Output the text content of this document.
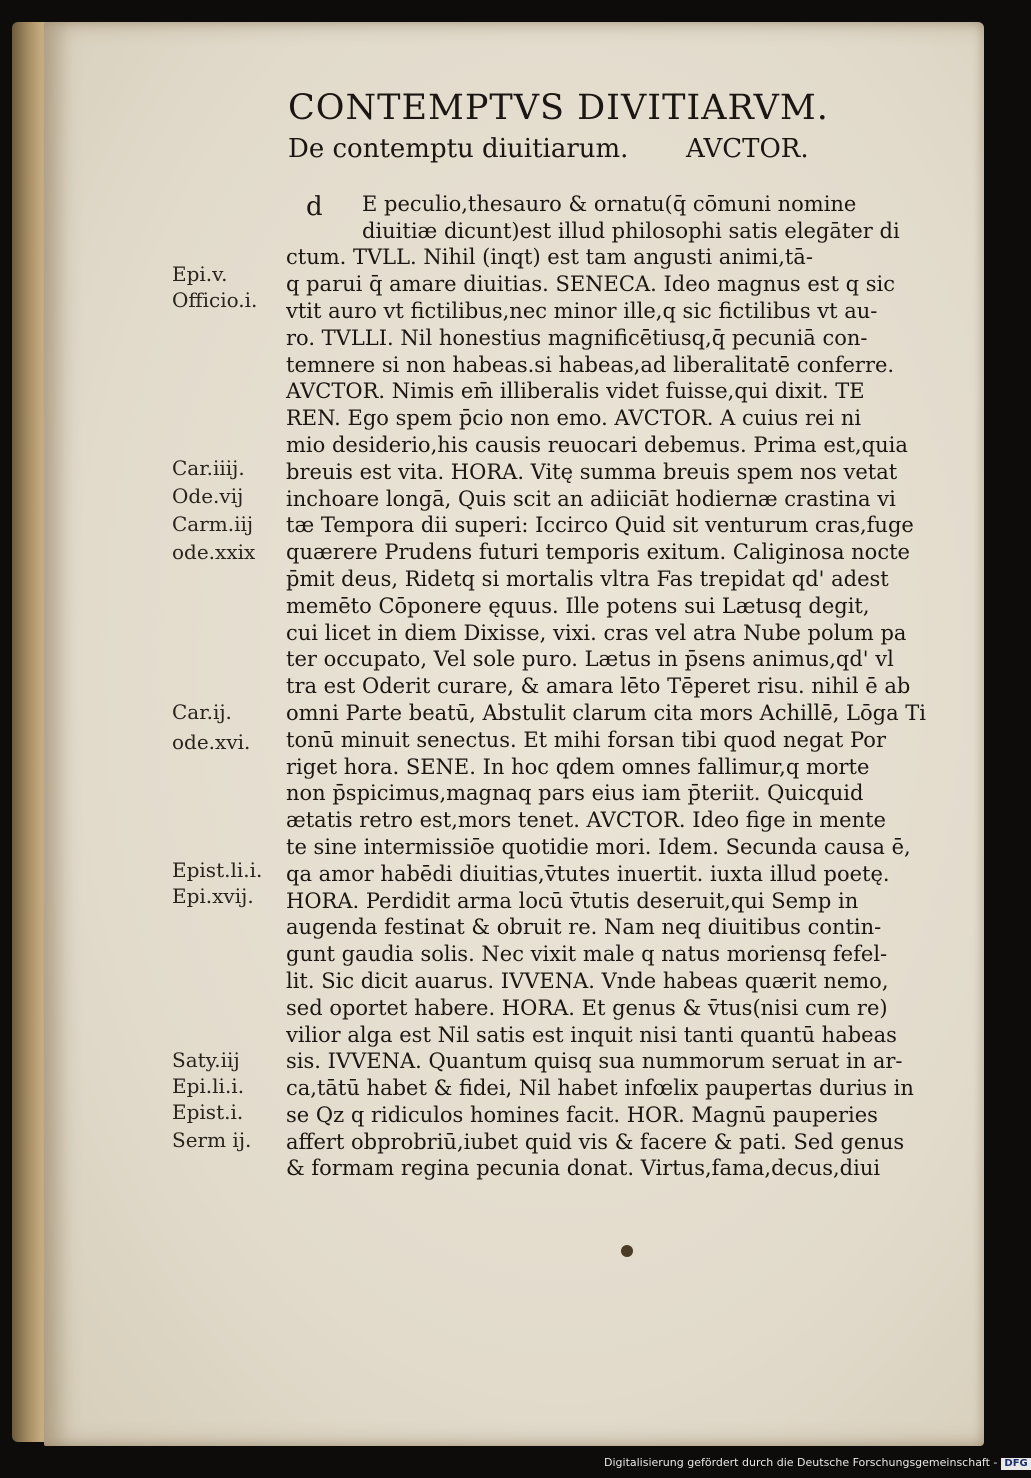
CONTEMPTVS DIVITIARVM.
De contemptu diuitiarum. AVCTOR.
d	E peculio,thesauro & ornatu(q̄ cōmuni nomine
diuitiæ dicunt)est illud philosophi satis elegāter di
ctum. TVLL. Nihil (inqt) est tam angusti animi,tā-
q parui q̄ amare diuitias. SENECA. Ideo magnus est q sic
vtit auro vt fictilibus,nec minor ille,q sic fictilibus vt au-
ro. TVLLI. Nil honestius magnificētiusq,q̄ pecuniā con-
temnere si non habeas.si habeas,ad liberalitatē conferre.
AVCTOR. Nimis em̄ illiberalis videt fuisse,qui dixit. TE
REN. Ego spem p̄cio non emo. AVCTOR. A cuius rei ni
mio desiderio,his causis reuocari debemus. Prima est,quia
breuis est vita. HORA. Vitę summa breuis spem nos vetat
inchoare longā, Quis scit an adiiciāt hodiernæ crastina vi
tæ Tempora dii superi: Iccirco Quid sit venturum cras,fuge
quærere Prudens futuri temporis exitum. Caliginosa nocte
p̄mit deus, Ridetq si mortalis vltra Fas trepidat qd' adest
memēto Cōponere ęquus. Ille potens sui Lætusq degit,
cui licet in diem Dixisse, vixi. cras vel atra Nube polum pa
ter occupato, Vel sole puro. Lætus in p̄sens animus,qd' vl
tra est Oderit curare, & amara lēto Tēperet risu. nihil ē ab
omni Parte beatū, Abstulit clarum cita mors Achillē, Lōga Ti
tonū minuit senectus. Et mihi forsan tibi quod negat Por
riget hora. SENE. In hoc qdem omnes fallimur,q morte
non p̄spicimus,magnaq pars eius iam p̄teriit. Quicquid
ætatis retro est,mors tenet. AVCTOR. Ideo fige in mente
te sine intermissiōe quotidie mori. Idem. Secunda causa ē,
qa amor habēdi diuitias,v̄tutes inuertit. iuxta illud poetę.
HORA. Perdidit arma locū v̄tutis deseruit,qui Semp in
augenda festinat & obruit re. Nam neq diuitibus contin-
gunt gaudia solis. Nec vixit male q natus moriensq fefel-
lit. Sic dicit auarus. IVVENA. Vnde habeas quærit nemo,
sed oportet habere. HORA. Et genus & v̄tus(nisi cum re)
vilior alga est Nil satis est inquit nisi tanti quantū habeas
sis. IVVENA. Quantum quisq sua nummorum seruat in ar-
ca,tātū habet & fidei, Nil habet infœlix paupertas durius in
se Qz q ridiculos homines facit. HOR. Magnū pauperies
affert obprobriū,iubet quid vis & facere & pati. Sed genus
& formam regina pecunia donat. Virtus,fama,decus,diui
Epi.v.
Officio.i.
Car.iiij.
Ode.vij
Carm.iij
ode.xxix
Car.ij.
ode.xvi.
Epist.li.i.
Epi.xvij.
Saty.iij
Epi.li.i.
Epist.i.
Serm ij.
Digitalisierung gefördert durch die Deutsche Forschungsgemeinschaft - DFG
